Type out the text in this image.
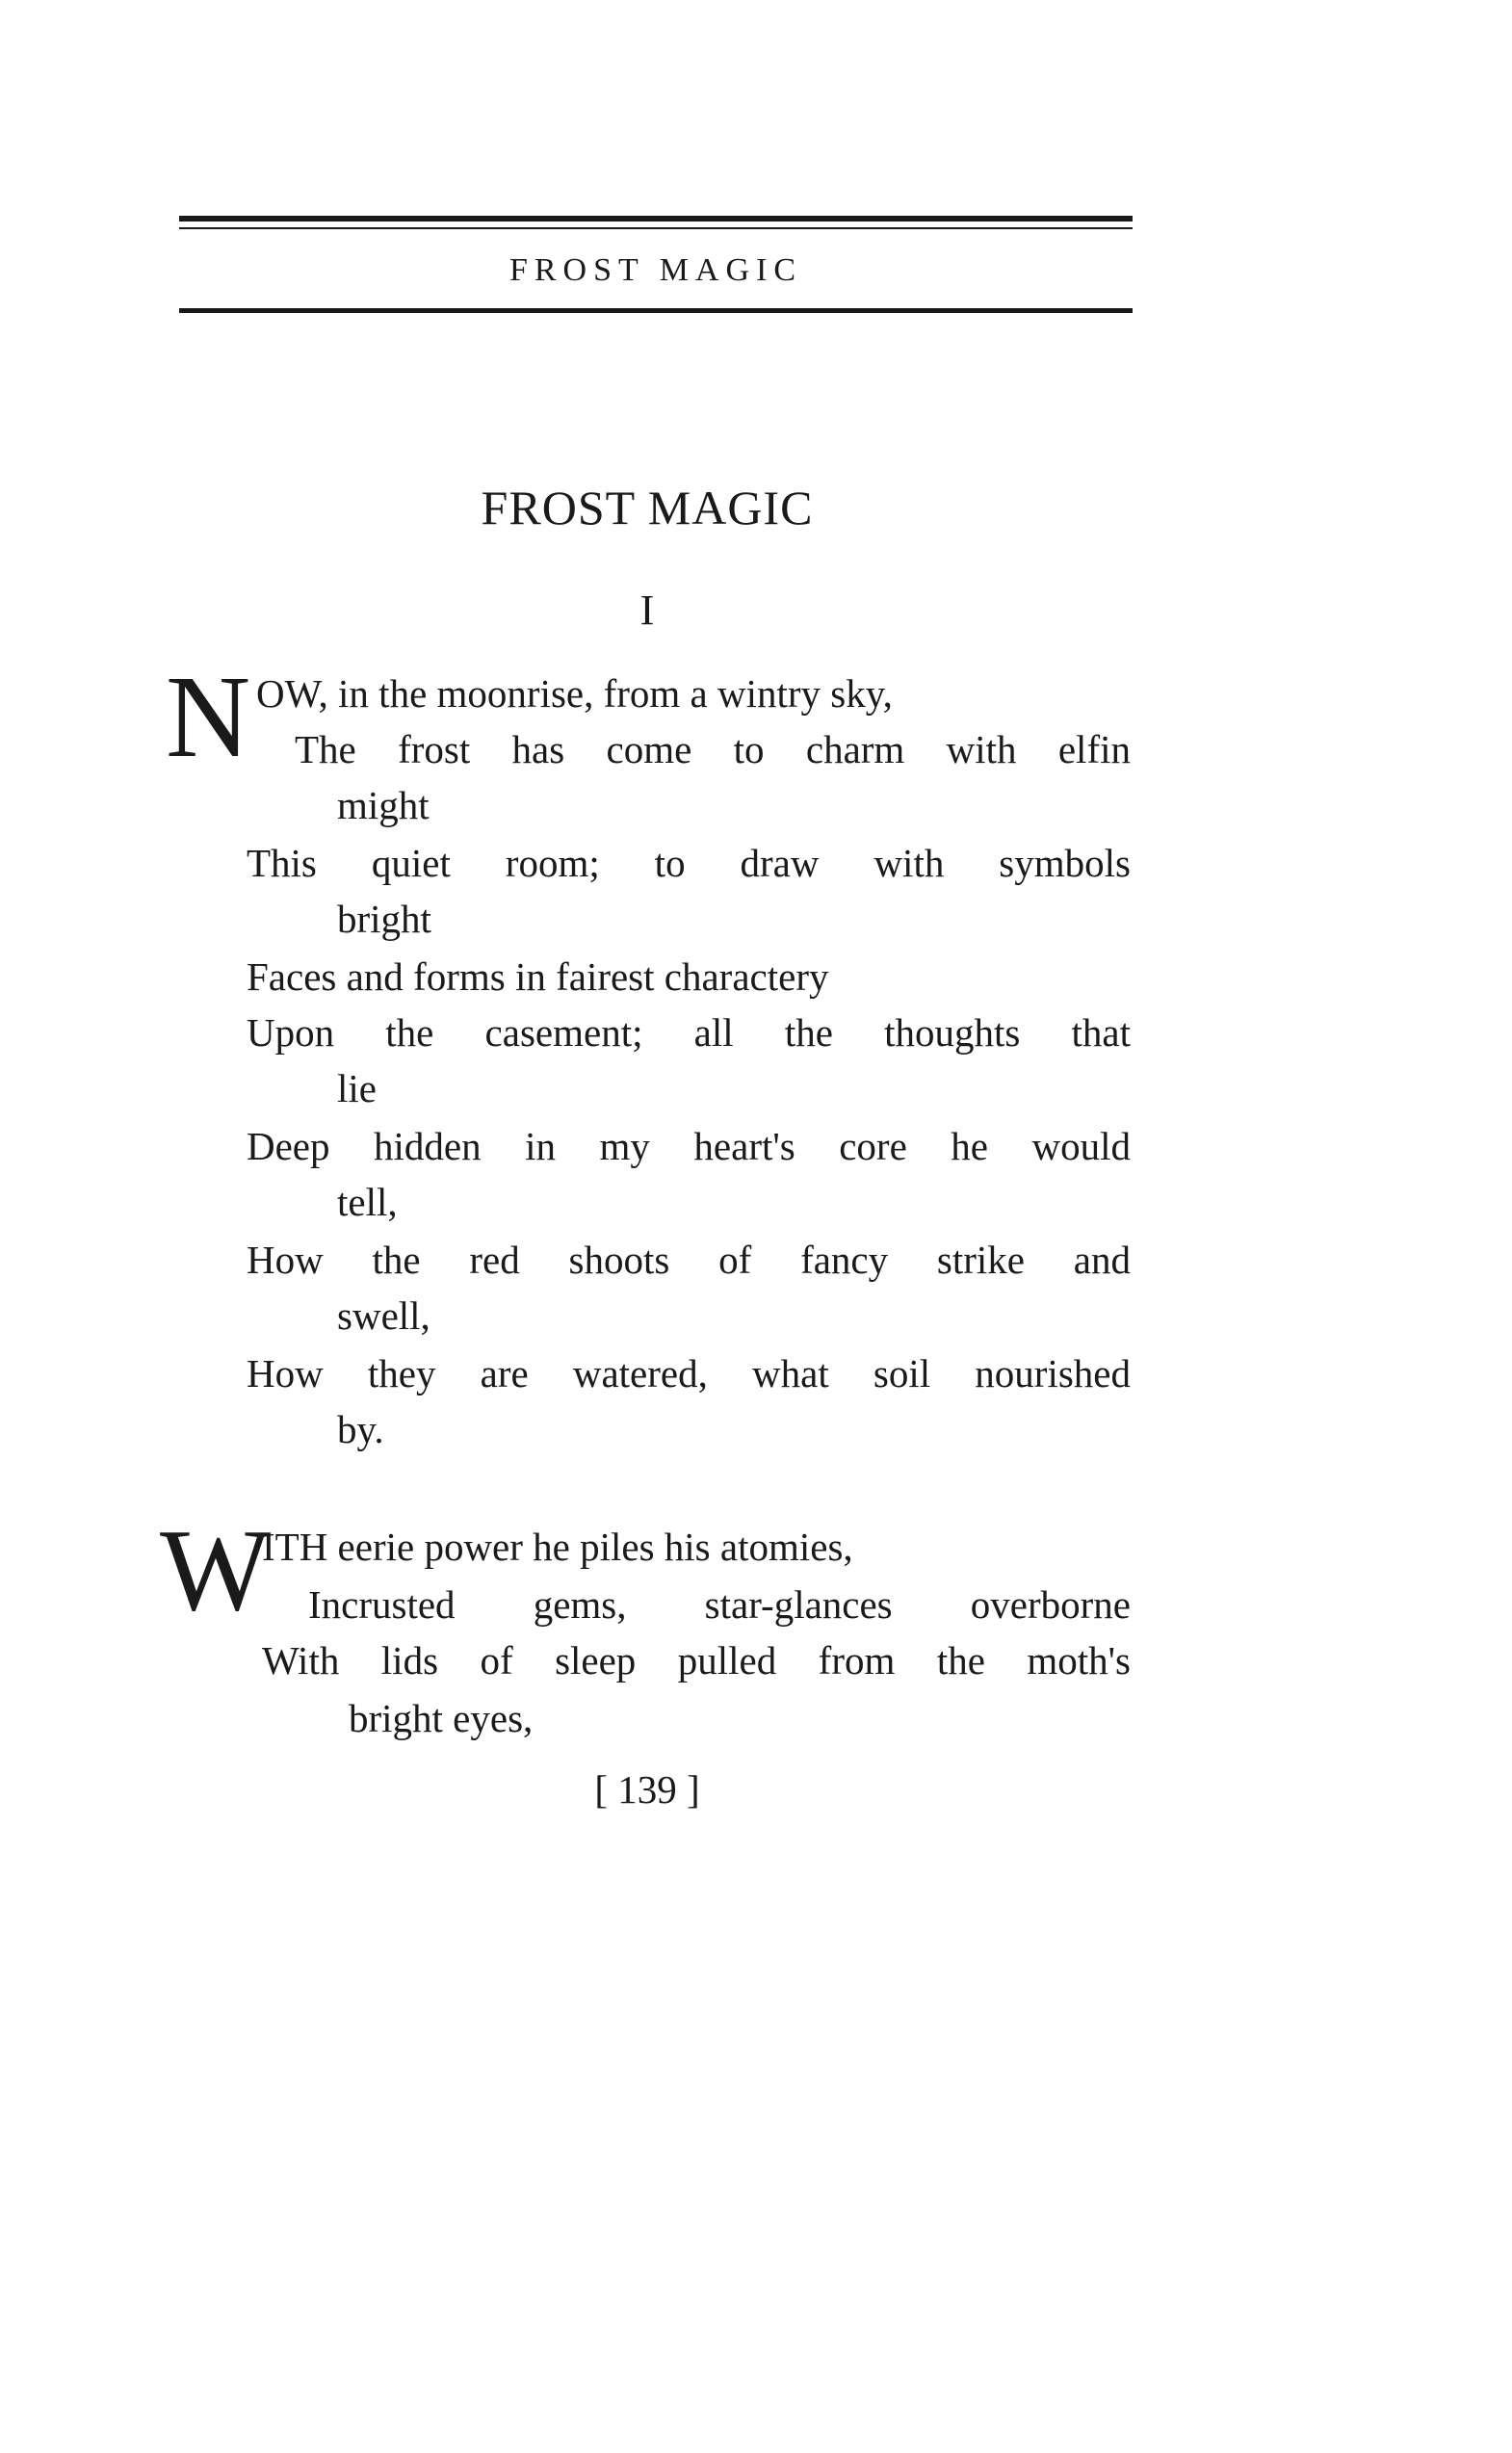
FROST MAGIC
FROST MAGIC
I
N OW, in the moonrise, from a wintry sky,
The frost has come to charm with elfin
might
This quiet room; to draw with symbols
bright
Faces and forms in fairest charactery
Upon the casement; all the thoughts that
lie
Deep hidden in my heart's core he would
tell,
How the red shoots of fancy strike and
swell,
How they are watered, what soil nourished
by.
W
ITH eerie power he piles his atomies,
Incrusted gems, star-glances overborne
With lids of sleep pulled from the moth's
bright eyes,
[ 139 ]
